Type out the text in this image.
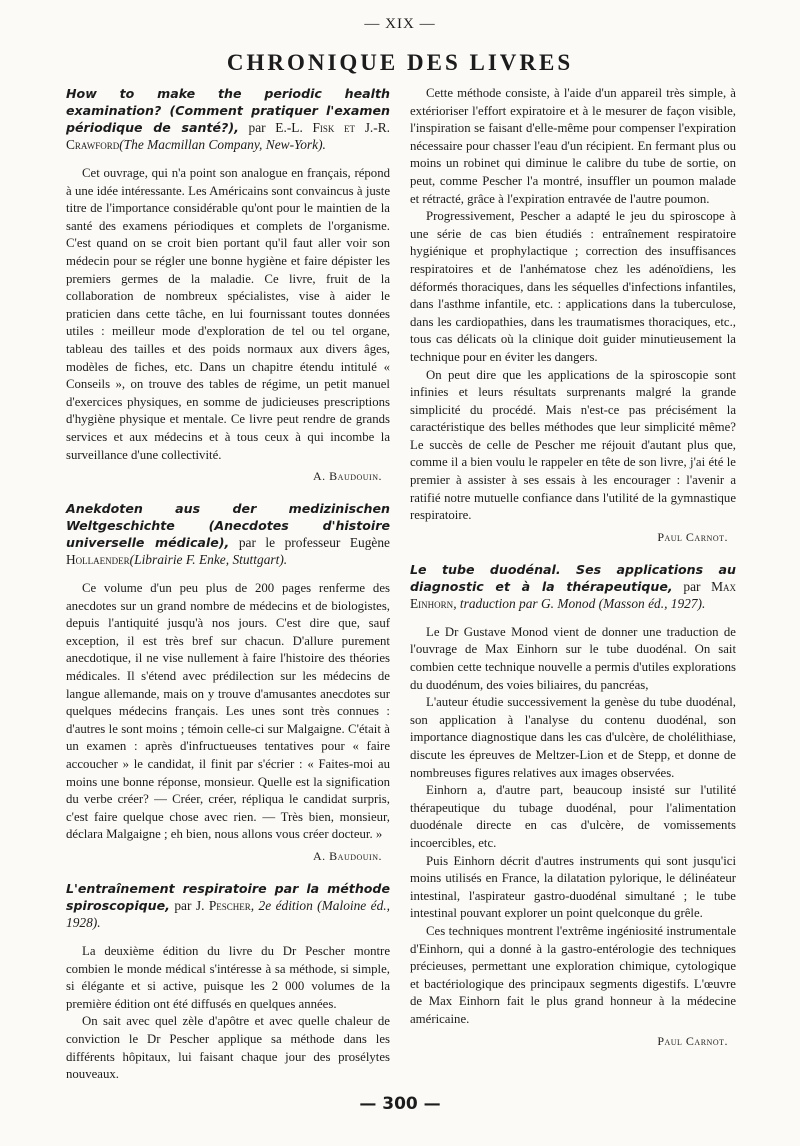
— XIX —
CHRONIQUE DES LIVRES

How to make the periodic health examination? (Comment pratiquer l'examen périodique de santé?), par E.-L. Fisk et J.-R. Crawford(The Macmillan Company, New-York).

Cet ouvrage, qui n'a point son analogue en français, répond à une idée intéressante. Les Américains sont convaincus à juste titre de l'importance considérable qu'ont pour le maintien de la santé des examens périodiques et complets de l'organisme. C'est quand on se croit bien portant qu'il faut aller voir son médecin pour se régler une bonne hygiène et faire dépister les premiers germes de la maladie. Ce livre, fruit de la collaboration de nombreux spécialistes, vise à aider le praticien dans cette tâche, en lui fournissant toutes données utiles : meilleur mode d'exploration de tel ou tel organe, tableau des tailles et des poids normaux aux divers âges, modèles de fiches, etc. Dans un chapitre étendu intitulé « Conseils », on trouve des tables de régime, un petit manuel d'exercices physiques, en somme de judicieuses prescriptions d'hygiène physique et mentale. Ce livre peut rendre de grands services et aux médecins et à tous ceux à qui incombe la surveillance d'une collectivité.

A. Baudouin.

Anekdoten aus der medizinischen Weltgeschichte (Anecdotes d'histoire universelle médicale), par le professeur Eugène Hollaender(Librairie F. Enke, Stuttgart).

Ce volume d'un peu plus de 200 pages renferme des anecdotes sur un grand nombre de médecins et de biologistes, depuis l'antiquité jusqu'à nos jours. C'est dire que, sauf exception, il est très bref sur chacun. D'allure purement anecdotique, il ne vise nullement à faire l'histoire des théories médicales. Il s'étend avec prédilection sur les médecins de langue allemande, mais on y trouve d'amusantes anecdotes sur quelques médecins français. Les unes sont très connues : d'autres le sont moins ; témoin celle-ci sur Malgaigne. C'était à un examen : après d'infructueuses tentatives pour « faire accoucher » le candidat, il finit par s'écrier : « Faites-moi au moins une bonne réponse, monsieur. Quelle est la signification du verbe créer? — Créer, créer, répliqua le candidat surpris, c'est faire quelque chose avec rien. — Très bien, monsieur, déclara Malgaigne ; eh bien, nous allons vous créer docteur. »

A. Baudouin.

L'entraînement respiratoire par la méthode spiroscopique, par J. Pescher, 2e édition (Maloine éd., 1928).

La deuxième édition du livre du Dr Pescher montre combien le monde médical s'intéresse à sa méthode, si simple, si élégante et si active, puisque les 2 000 volumes de la première édition ont été diffusés en quelques années.

On sait avec quel zèle d'apôtre et avec quelle chaleur de conviction le Dr Pescher applique sa méthode dans les différents hôpitaux, lui faisant chaque jour des prosélytes nouveaux.

Cette méthode consiste, à l'aide d'un appareil très simple, à extérioriser l'effort expiratoire et à le mesurer de façon visible, l'inspiration se faisant d'elle-même pour compenser l'expiration nécessaire pour chasser l'eau d'un récipient. En fermant plus ou moins un robinet qui diminue le calibre du tube de sortie, on peut, comme Pescher l'a montré, insuffler un poumon malade et rétracté, grâce à l'expiration entravée de l'autre poumon.

Progressivement, Pescher a adapté le jeu du spiroscope à une série de cas bien étudiés : entraînement respiratoire hygiénique et prophylactique ; correction des insuffisances respiratoires et de l'anhématose chez les adénoïdiens, les déformés thoraciques, dans les séquelles d'infections infantiles, dans l'asthme infantile, etc. : applications dans la tuberculose, dans les cardiopathies, dans les traumatismes thoraciques, etc., tous cas délicats où la clinique doit guider minutieusement la technique pour en éviter les dangers.

On peut dire que les applications de la spiroscopie sont infinies et leurs résultats surprenants malgré la grande simplicité du procédé. Mais n'est-ce pas précisément la caractéristique des belles méthodes que leur simplicité même? Le succès de celle de Pescher me réjouit d'autant plus que, comme il a bien voulu le rappeler en tête de son livre, j'ai été le premier à assister à ses essais à les encourager : l'avenir a ratifié notre mutuelle confiance dans l'utilité de la gymnastique respiratoire.

Paul Carnot.

Le tube duodénal. Ses applications au diagnostic et à la thérapeutique, par Max Einhorn, traduction par G. Monod (Masson éd., 1927).

Le Dr Gustave Monod vient de donner une traduction de l'ouvrage de Max Einhorn sur le tube duodénal. On sait combien cette technique nouvelle a permis d'utiles explorations du duodénum, des voies biliaires, du pancréas,

L'auteur étudie successivement la genèse du tube duodénal, son application à l'analyse du contenu duodénal, son importance diagnostique dans les cas d'ulcère, de cholélithiase, discute les épreuves de Meltzer-Lion et de Stepp, et donne de nombreuses figures relatives aux images observées.

Einhorn a, d'autre part, beaucoup insisté sur l'utilité thérapeutique du tubage duodénal, pour l'alimentation duodénale directe en cas d'ulcère, de vomissements incoercibles, etc.

Puis Einhorn décrit d'autres instruments qui sont jusqu'ici moins utilisés en France, la dilatation pylorique, le délinéateur intestinal, l'aspirateur gastro-duodénal simultané ; le tube intestinal pouvant explorer un point quelconque du grêle.

Ces techniques montrent l'extrême ingéniosité instrumentale d'Einhorn, qui a donné à la gastro-entérologie des techniques précieuses, permettant une exploration chimique, cytologique et bactériologique des principaux segments digestifs. L'œuvre de Max Einhorn fait le plus grand honneur à la médecine américaine.

Paul Carnot.
— 300 —
